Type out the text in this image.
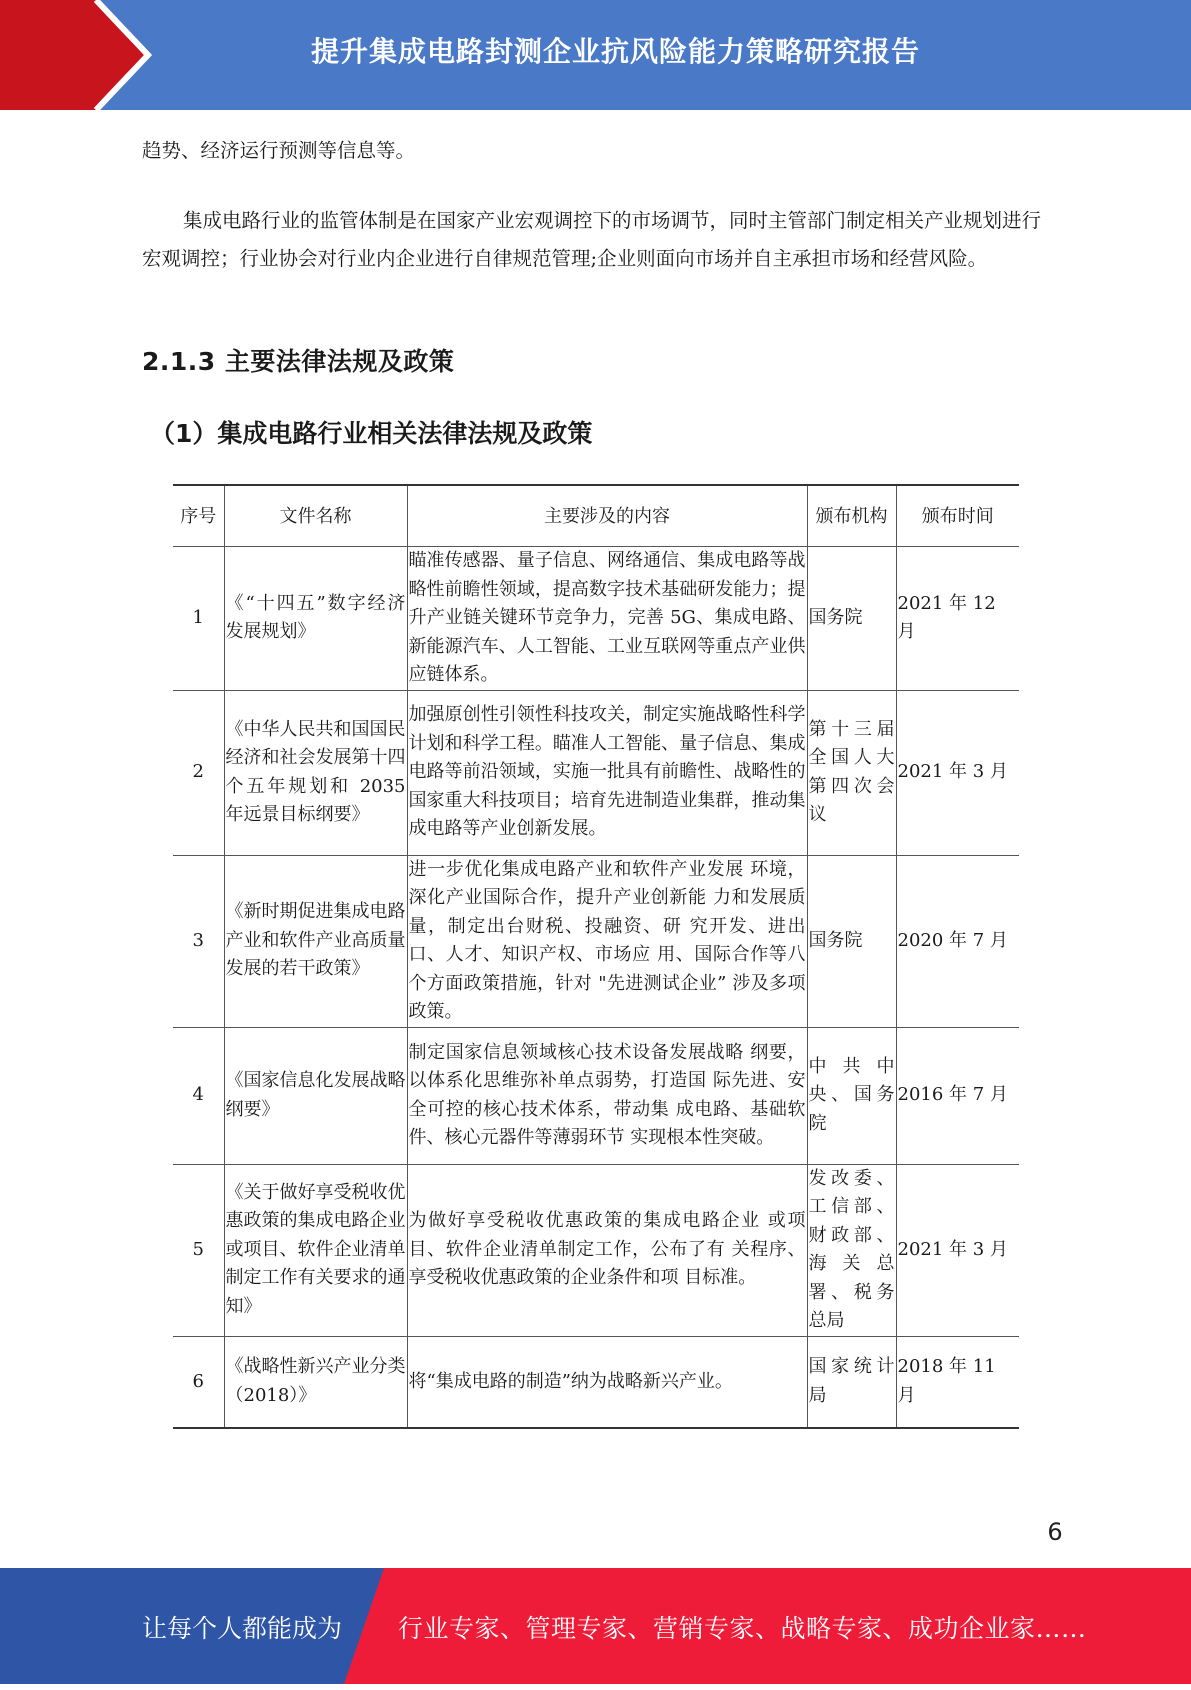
提升集成电路封测企业抗风险能力策略研究报告
趋势、经济运行预测等信息等。
集成电路行业的监管体制是在国家产业宏观调控下的市场调节，同时主管部门制定相关产业规划进行宏观调控；行业协会对行业内企业进行自律规范管理;企业则面向市场并自主承担市场和经营风险。
2.1.3 主要法律法规及政策
（1）集成电路行业相关法律法规及政策
序号	文件名称	主要涉及的内容	颁布机构	颁布时间
1	《“十四五”数字经济发展规划》	瞄准传感器、量子信息、网络通信、集成电路等战略性前瞻性领域，提高数字技术基础研发能力；提升产业链关键环节竞争力，完善 5G、集成电路、新能源汽车、人工智能、工业互联网等重点产业供应链体系。	国务院	2021 年 12 月
2	《中华人民共和国国民经济和社会发展第十四个五年规划和 2035 年远景目标纲要》	加强原创性引领性科技攻关，制定实施战略性科学计划和科学工程。瞄准人工智能、量子信息、集成电路等前沿领域，实施一批具有前瞻性、战略性的国家重大科技项目；培育先进制造业集群，推动集成电路等产业创新发展。	第十三届全国人大第四次会议	2021 年 3 月
3	《新时期促进集成电路产业和软件产业高质量发展的若干政策》	进一步优化集成电路产业和软件产业发展 环境，深化产业国际合作，提升产业创新能 力和发展质量，制定出台财税、投融资、研 究开发、进出口、人才、知识产权、市场应 用、国际合作等八个方面政策措施，针对 "先进测试企业” 涉及多项政策。	国务院	2020 年 7 月
4	《国家信息化发展战略纲要》	制定国家信息领域核心技术设备发展战略 纲要，以体系化思维弥补单点弱势，打造国 际先进、安全可控的核心技术体系，带动集 成电路、基础软件、核心元器件等薄弱环节 实现根本性突破。	中共中央、国务院	2016 年 7 月
5	《关于做好享受税收优惠政策的集成电路企业或项目、软件企业清单制定工作有关要求的通知》	为做好享受税收优惠政策的集成电路企业 或项目、软件企业清单制定工作，公布了有 关程序、享受税收优惠政策的企业条件和项 目标准。	发改委、工信部、财政部、海关总署、税务总局	2021 年 3 月
6	《战略性新兴产业分类（2018）》	将“集成电路的制造”纳为战略新兴产业。	国家统计局	2018 年 11 月
6
让每个人都能成为 行业专家、管理专家、营销专家、战略专家、成功企业家……
